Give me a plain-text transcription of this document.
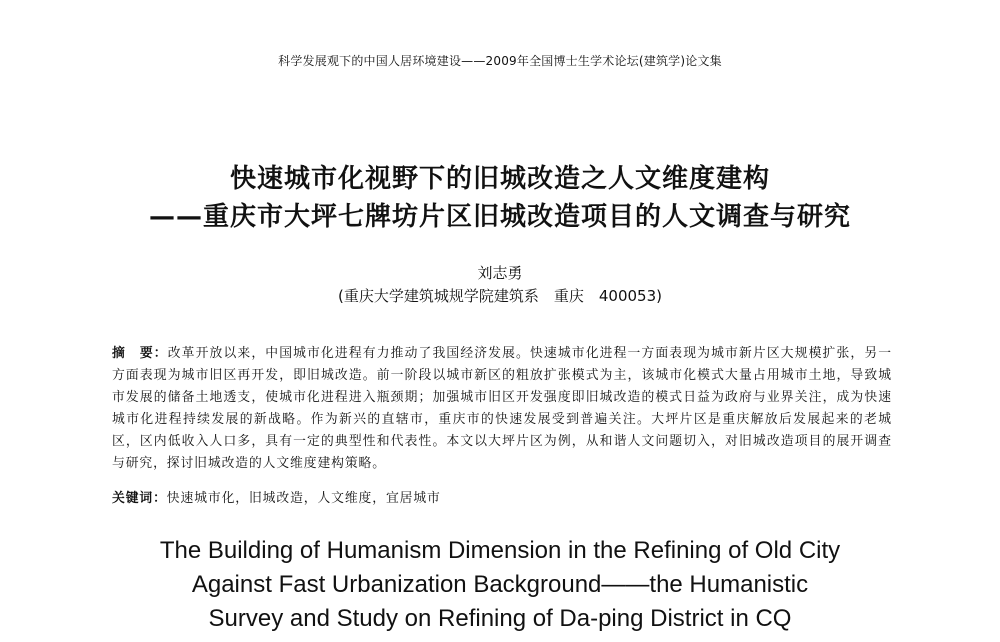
科学发展观下的中国人居环境建设——2009年全国博士生学术论坛(建筑学)论文集
快速城市化视野下的旧城改造之人文维度建构
——重庆市大坪七牌坊片区旧城改造项目的人文调查与研究
刘志勇
(重庆大学建筑城规学院建筑系　重庆　400053)
摘　要：改革开放以来，中国城市化进程有力推动了我国经济发展。快速城市化进程一方面表现为城市新片区大规模扩张，另一方面表现为城市旧区再开发，即旧城改造。前一阶段以城市新区的粗放扩张模式为主，该城市化模式大量占用城市土地，导致城市发展的储备土地透支，使城市化进程进入瓶颈期；加强城市旧区开发强度即旧城改造的模式日益为政府与业界关注，成为快速城市化进程持续发展的新战略。作为新兴的直辖市，重庆市的快速发展受到普遍关注。大坪片区是重庆解放后发展起来的老城区，区内低收入人口多，具有一定的典型性和代表性。本文以大坪片区为例，从和谐人文问题切入，对旧城改造项目的展开调查与研究，探讨旧城改造的人文维度建构策略。
关键词：快速城市化，旧城改造，人文维度，宜居城市
The Building of Humanism Dimension in the Refining of Old City
Against Fast Urbanization Background——the Humanistic
Survey and Study on Refining of Da-ping District in CQ
